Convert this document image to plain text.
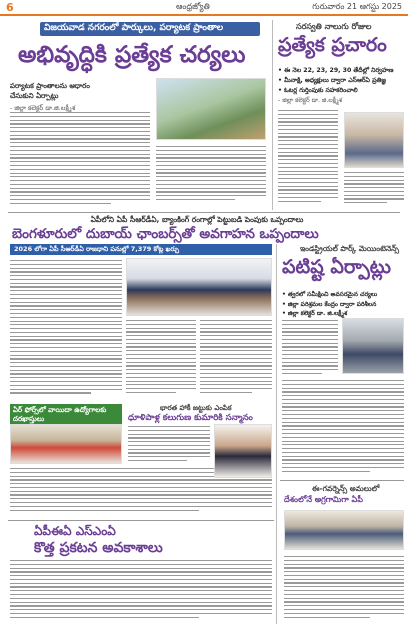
6	ఆంధ్రజ్యోతి	గురువారం 21 ఆగస్టు 2025
విజయవాడ నగరంలో పార్కులు, పర్యాటక ప్రాంతాల
అభివృద్ధికి ప్రత్యేక చర్యలు
పర్యాటక ప్రాంతాలను ఆధారం
చేసుకుని ఏర్పాట్లు
- జిల్లా కలెక్టర్ డా.జి.లక్ష్మీశ
సరస్వతి నాలుగు రోజుల
ప్రత్యేక ప్రచారం
• ఈ నెల 22, 23, 29, 30 తేదీల్లో నిర్వహణ
• మీనాక్షి, అధ్యక్షులు ద్వారా ఎస్‌ఆర్‌ఏ ప్రతిజ్ఞ
• ఓటర్ల గుర్తింపుకు సహకరించాలి
- జిల్లా కలెక్టర్ డా. జి.లక్ష్మీశ
ఏపీలోని ఏపీ సీఆర్‌డీఏ, బ్యాంకింగ్ రంగాల్లో పెట్టుబడి పెంపుకు ఒప్పందాలు
బెంగళూరులో దుబాయ్ ఛాంబర్స్‌తో అవగాహన ఒప్పందాలు
2026 లోగా ఏపీ సీఆర్‌డీఏ రాజధాని పనుల్లో 7,379 కోట్ల ఖర్చు	ఇండస్ట్రియల్ పార్క్ మెయింటెనెన్స్
పటిష్ట ఏర్పాట్లు
• త్వరలో సమీక్షించి అవసరమైన చర్యలు
• జిల్లా పరిశ్రమల కేంద్రం ద్వారా పరిశీలన
• జిల్లా కలెక్టర్ డా. జి.లక్ష్మీశ
ఏర్ ఫోర్స్‌లో వాయిదా ఉద్యోగాలకు దరఖాస్తులు
భారత హాకీ జట్టుకు ఎంపిక
ధూళిపాళ్ల కలుగుణ కుమారికి సన్మానం
ఏపీఈఏ ఎస్‌ఎంఏ
కొత్త ప్రకటన అవకాశాలు
ఈ-గవర్నెన్స్ అమలులో
దేశంలోనే అగ్రగామిగా ఏపీ
